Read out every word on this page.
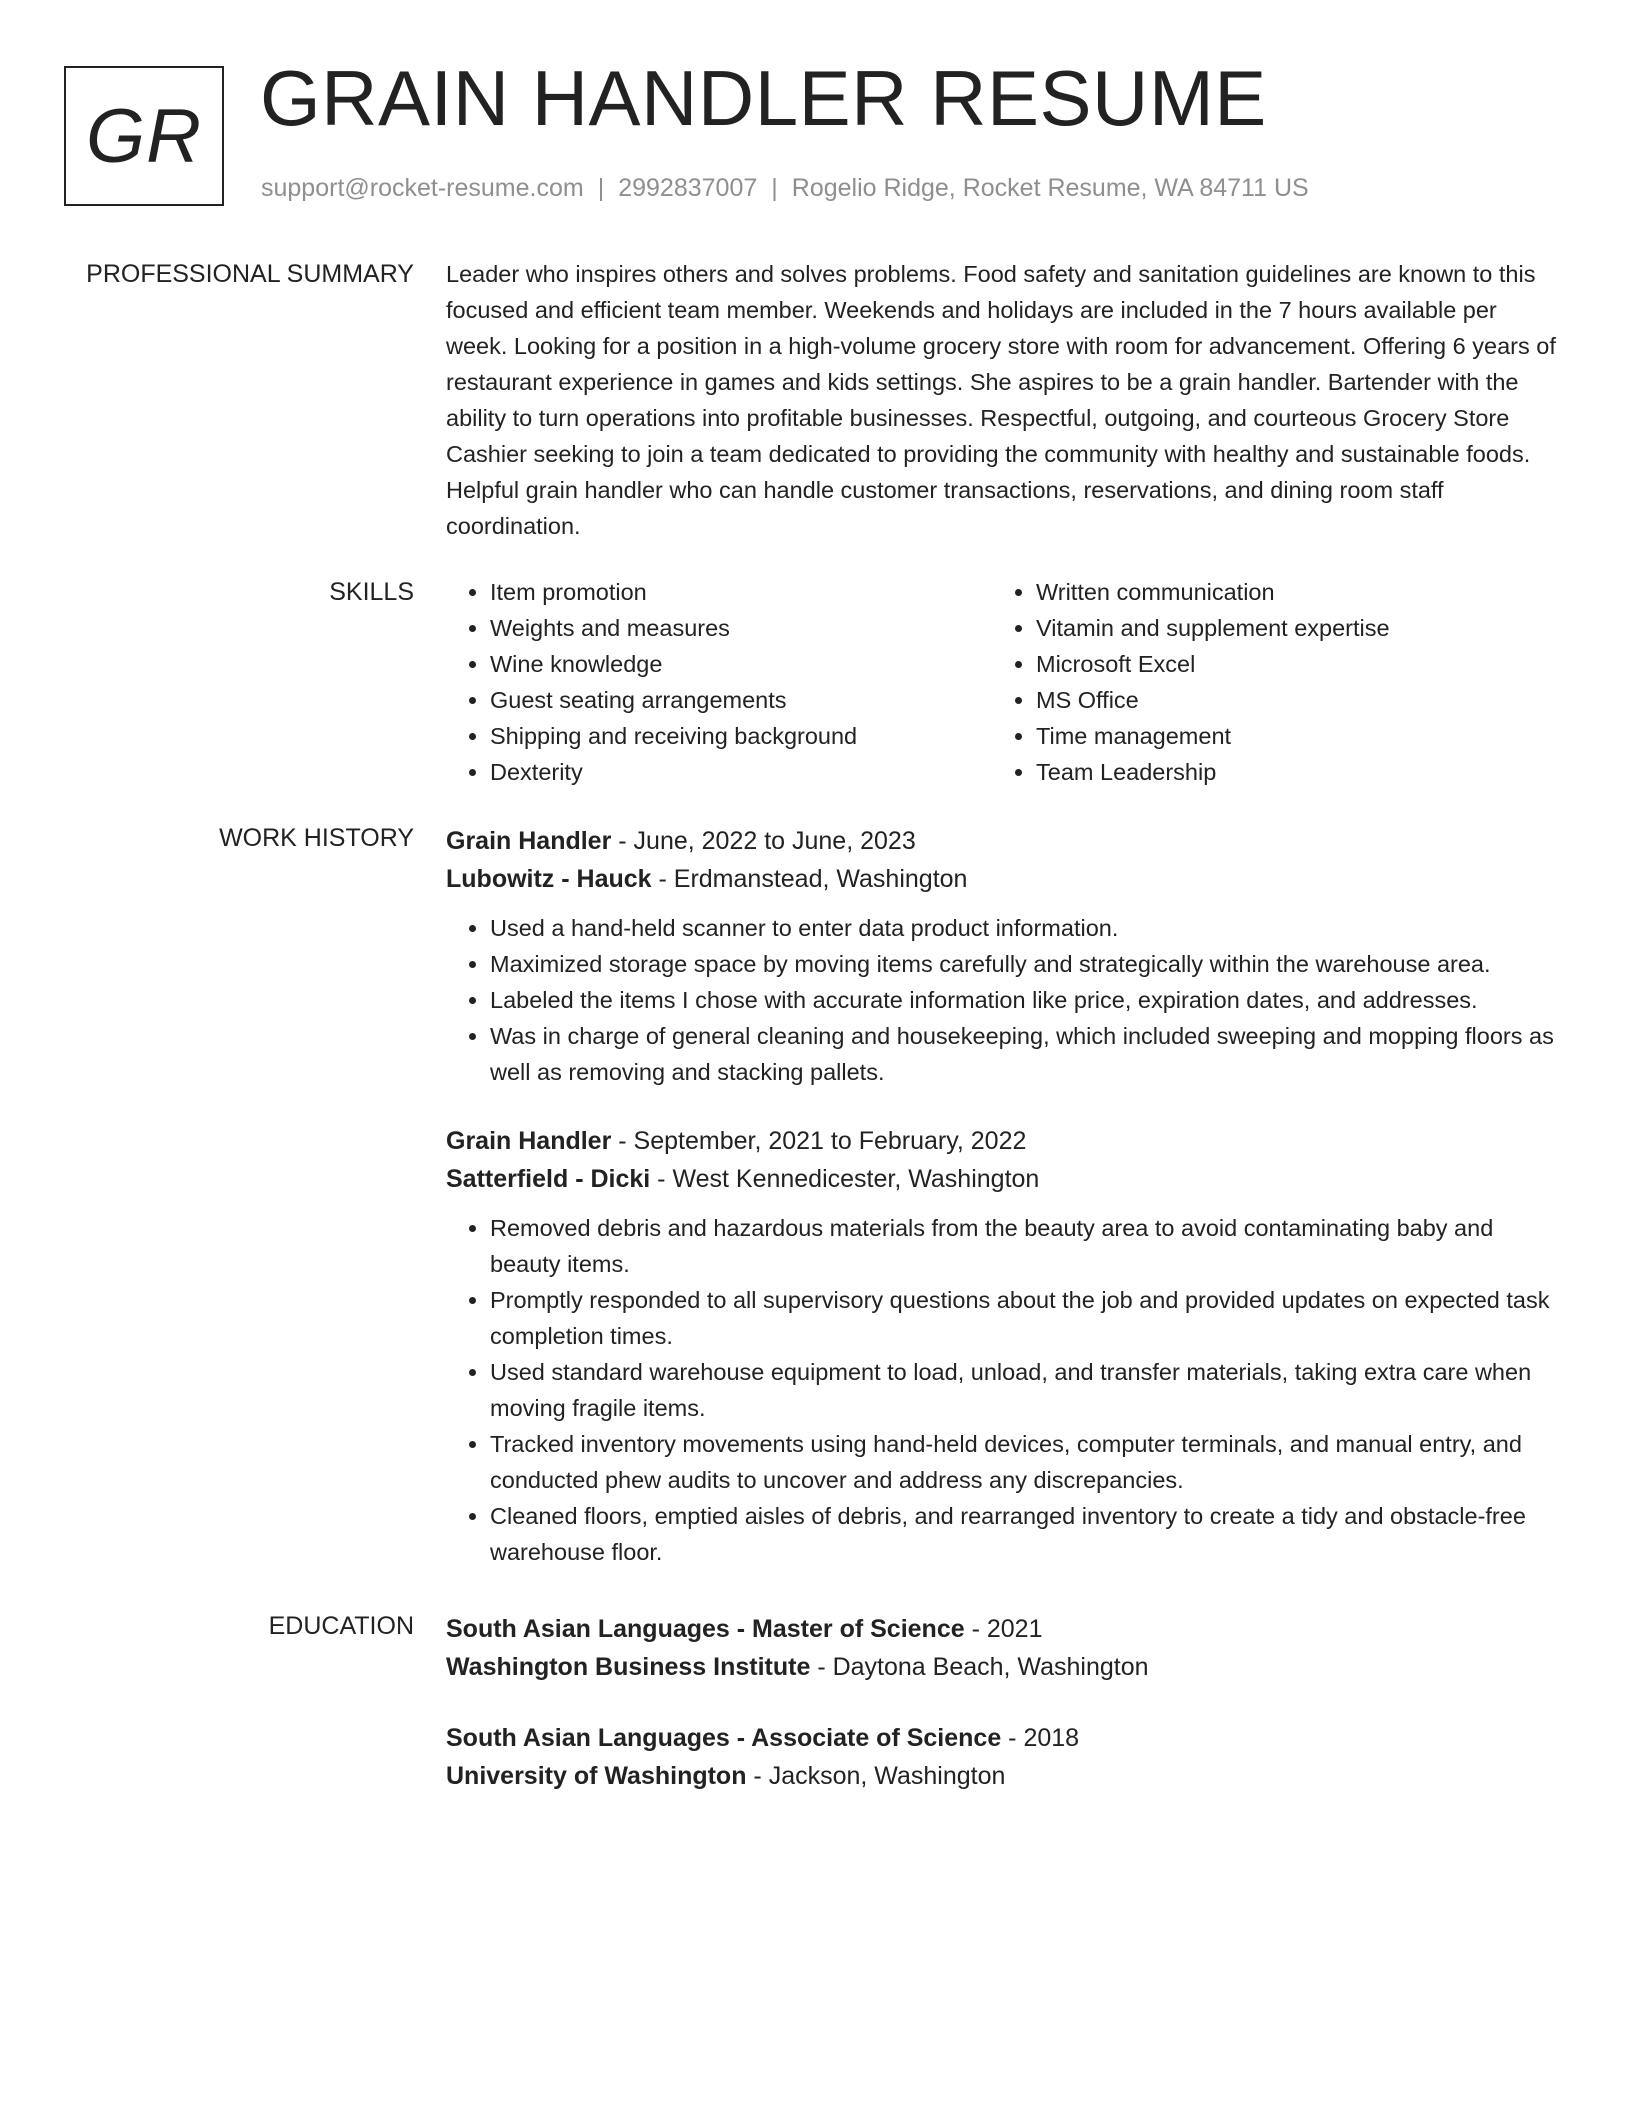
GR GRAIN HANDLER RESUME
support@rocket-resume.com | 2992837007 | Rogelio Ridge, Rocket Resume, WA 84711 US
PROFESSIONAL SUMMARY Leader who inspires others and solves problems. Food safety and sanitation guidelines are known to this focused and efficient team member. Weekends and holidays are included in the 7 hours available per week. Looking for a position in a high-volume grocery store with room for advancement. Offering 6 years of restaurant experience in games and kids settings. She aspires to be a grain handler. Bartender with the ability to turn operations into profitable businesses. Respectful, outgoing, and courteous Grocery Store Cashier seeking to join a team dedicated to providing the community with healthy and sustainable foods. Helpful grain handler who can handle customer transactions, reservations, and dining room staff coordination.

SKILLS
•	Item promotion
• Weights and measures
• Wine knowledge
• Guest seating arrangements
• Shipping and receiving background
• Dexterity
• Written communication
• Vitamin and supplement expertise
• Microsoft Excel
• MS Office
• Time management
• Team Leadership
WORK HISTORY Grain Handler - June, 2022 to June, 2023
Lubowitz - Hauck - Erdmanstead, Washington
• Used a hand-held scanner to enter data product information.
• Maximized storage space by moving items carefully and strategically within the warehouse area.
• Labeled the items I chose with accurate information like price, expiration dates, and addresses.
• Was in charge of general cleaning and housekeeping, which included sweeping and mopping floors as well as removing and stacking pallets.
Grain Handler - September, 2021 to February, 2022
Satterfield - Dicki - West Kennedicester, Washington
• Removed debris and hazardous materials from the beauty area to avoid contaminating baby and beauty items.
• Promptly responded to all supervisory questions about the job and provided updates on expected task completion times.
• Used standard warehouse equipment to load, unload, and transfer materials, taking extra care when moving fragile items.
• Tracked inventory movements using hand-held devices, computer terminals, and manual entry, and conducted phew audits to uncover and address any discrepancies.
• Cleaned floors, emptied aisles of debris, and rearranged inventory to create a tidy and obstacle-free warehouse floor.
EDUCATION South Asian Languages - Master of Science - 2021
Washington Business Institute - Daytona Beach, Washington
South Asian Languages - Associate of Science - 2018
University of Washington - Jackson, Washington
